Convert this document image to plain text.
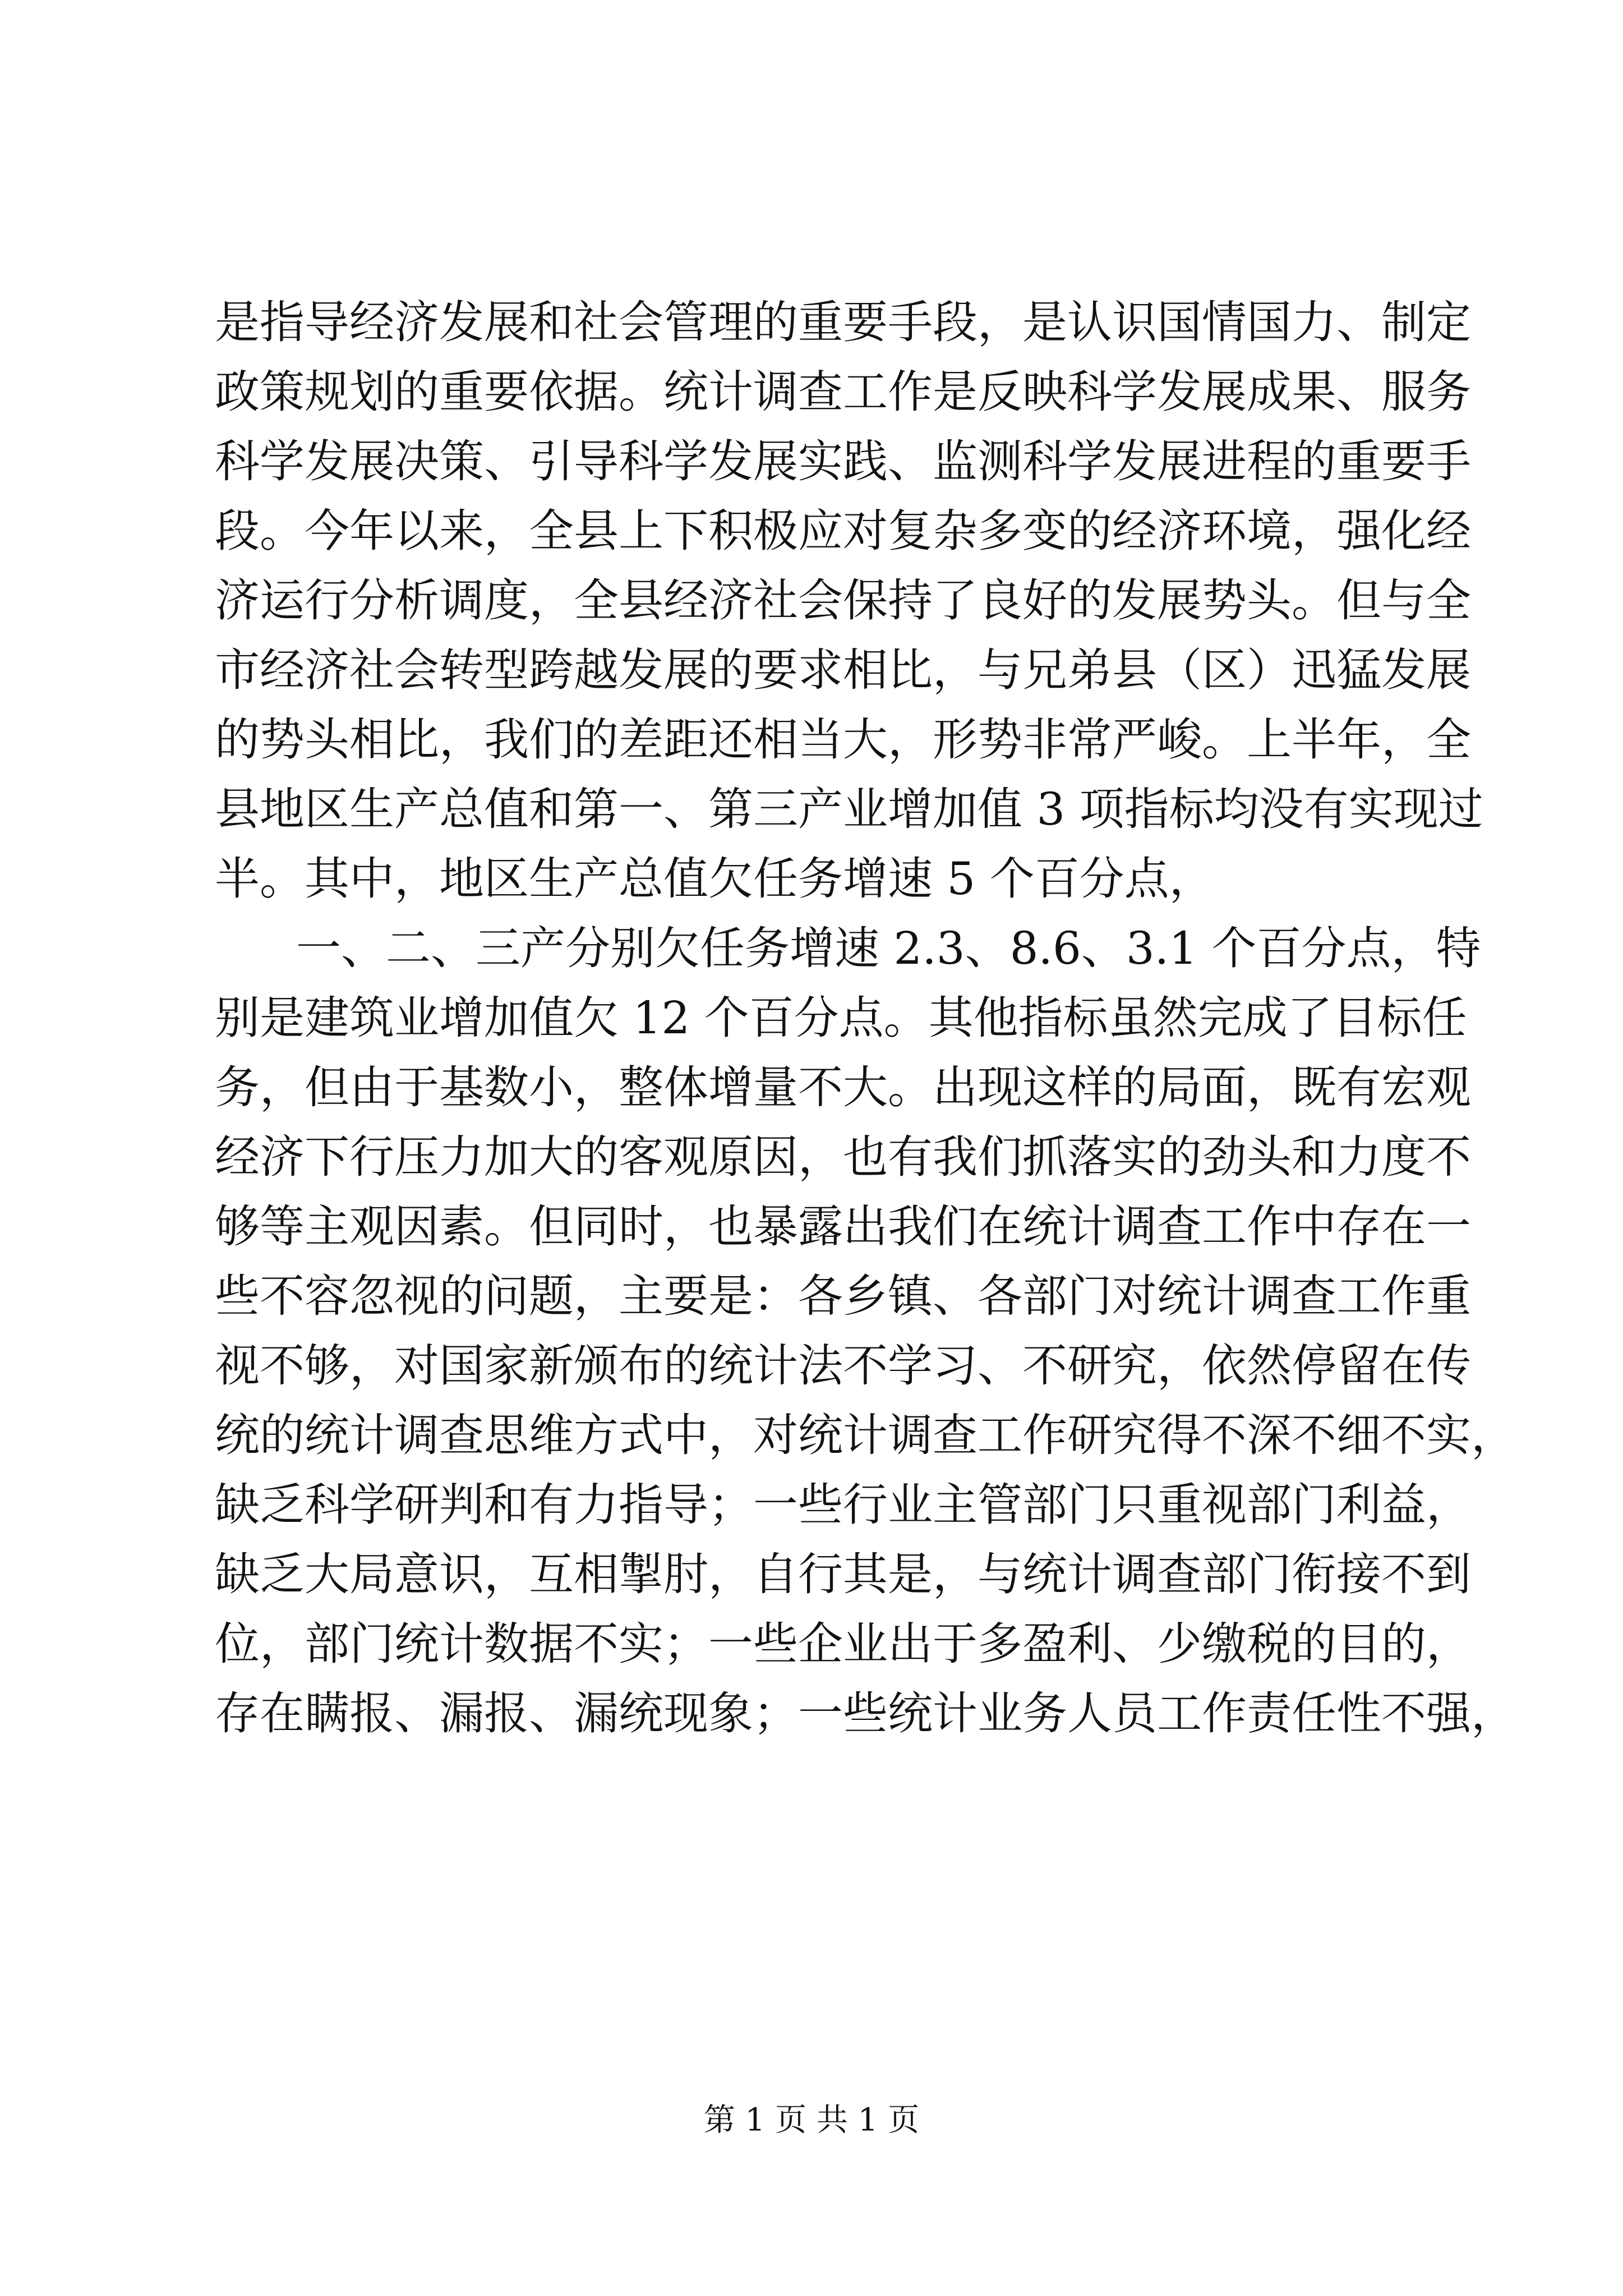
是指导经济发展和社会管理的重要手段，是认识国情国力、制定
政策规划的重要依据。统计调查工作是反映科学发展成果、服务
科学发展决策、引导科学发展实践、监测科学发展进程的重要手
段。今年以来，全县上下积极应对复杂多变的经济环境，强化经
济运行分析调度，全县经济社会保持了良好的发展势头。但与全
市经济社会转型跨越发展的要求相比，与兄弟县（区）迅猛发展
的势头相比，我们的差距还相当大，形势非常严峻。上半年，全
县地区生产总值和第一、第三产业增加值 3 项指标均没有实现过
半。其中，地区生产总值欠任务增速 5 个百分点，
一、二、三产分别欠任务增速 2.3、8.6、3.1 个百分点，特
别是建筑业增加值欠 12 个百分点。其他指标虽然完成了目标任
务，但由于基数小，整体增量不大。出现这样的局面，既有宏观
经济下行压力加大的客观原因，也有我们抓落实的劲头和力度不
够等主观因素。但同时，也暴露出我们在统计调查工作中存在一
些不容忽视的问题，主要是：各乡镇、各部门对统计调查工作重
视不够，对国家新颁布的统计法不学习、不研究，依然停留在传
统的统计调查思维方式中，对统计调查工作研究得不深不细不实，
缺乏科学研判和有力指导；一些行业主管部门只重视部门利益，
缺乏大局意识，互相掣肘，自行其是，与统计调查部门衔接不到
位，部门统计数据不实；一些企业出于多盈利、少缴税的目的，
存在瞒报、漏报、漏统现象；一些统计业务人员工作责任性不强，
第 1 页 共 1 页
